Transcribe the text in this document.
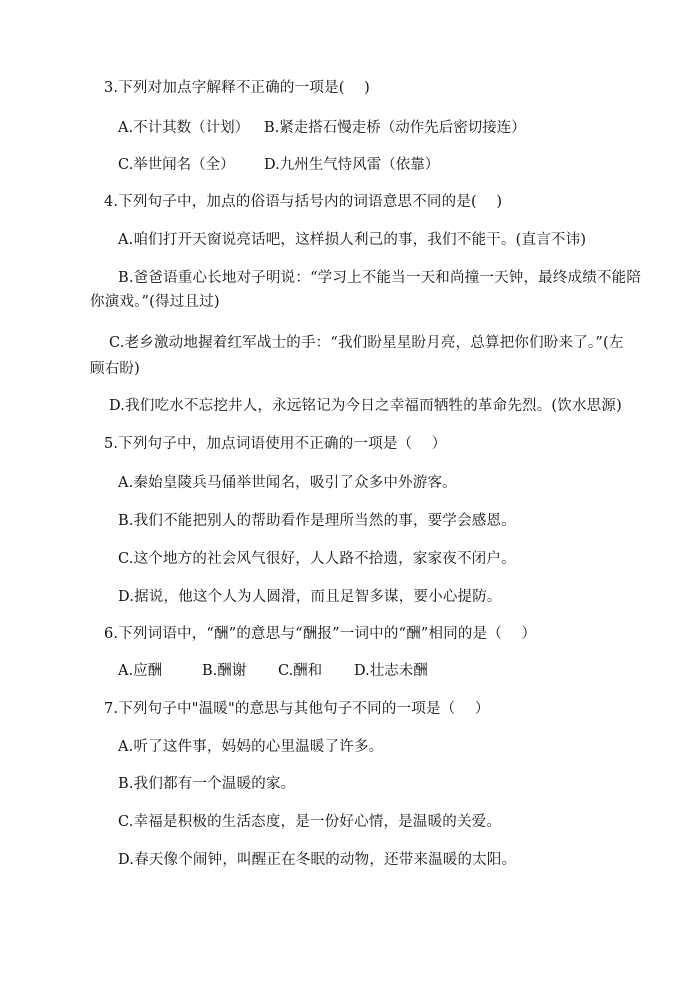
3.下列对加点字解释不正确的一项是(　 )
A.不计其数（计划）	B.紧走搭石慢走桥（动作先后密切接连）
C.举世闻名（全）	D.九州生气恃风雷（依靠）
4.下列句子中，加点的俗语与括号内的词语意思不同的是(　 )
A.咱们打开天窗说亮话吧，这样损人利己的事，我们不能干。(直言不讳)
B.爸爸语重心长地对子明说：“学习上不能当一天和尚撞一天钟，最终成绩不能陪
你演戏。”(得过且过)
C.老乡激动地握着红军战士的手：“我们盼星星盼月亮，总算把你们盼来了。”(左
顾右盼)
D.我们吃水不忘挖井人，永远铭记为今日之幸福而牺牲的革命先烈。(饮水思源)
5.下列句子中，加点词语使用不正确的一项是（　 ）
A.秦始皇陵兵马俑举世闻名，吸引了众多中外游客。
B.我们不能把别人的帮助看作是理所当然的事，要学会感恩。
C.这个地方的社会风气很好，人人路不拾遗，家家夜不闭户。
D.据说，他这个人为人圆滑，而且足智多谋，要小心提防。
6.下列词语中，“酬”的意思与“酬报”一词中的“酬”相同的是（　 ）
A.应酬	B.酬谢	C.酬和	D.壮志未酬
7.下列句子中"温暖"的意思与其他句子不同的一项是（　 ）
A.听了这件事，妈妈的心里温暖了许多。
B.我们都有一个温暖的家。
C.幸福是积极的生活态度，是一份好心情，是温暖的关爱。
D.春天像个闹钟，叫醒正在冬眠的动物，还带来温暖的太阳。
